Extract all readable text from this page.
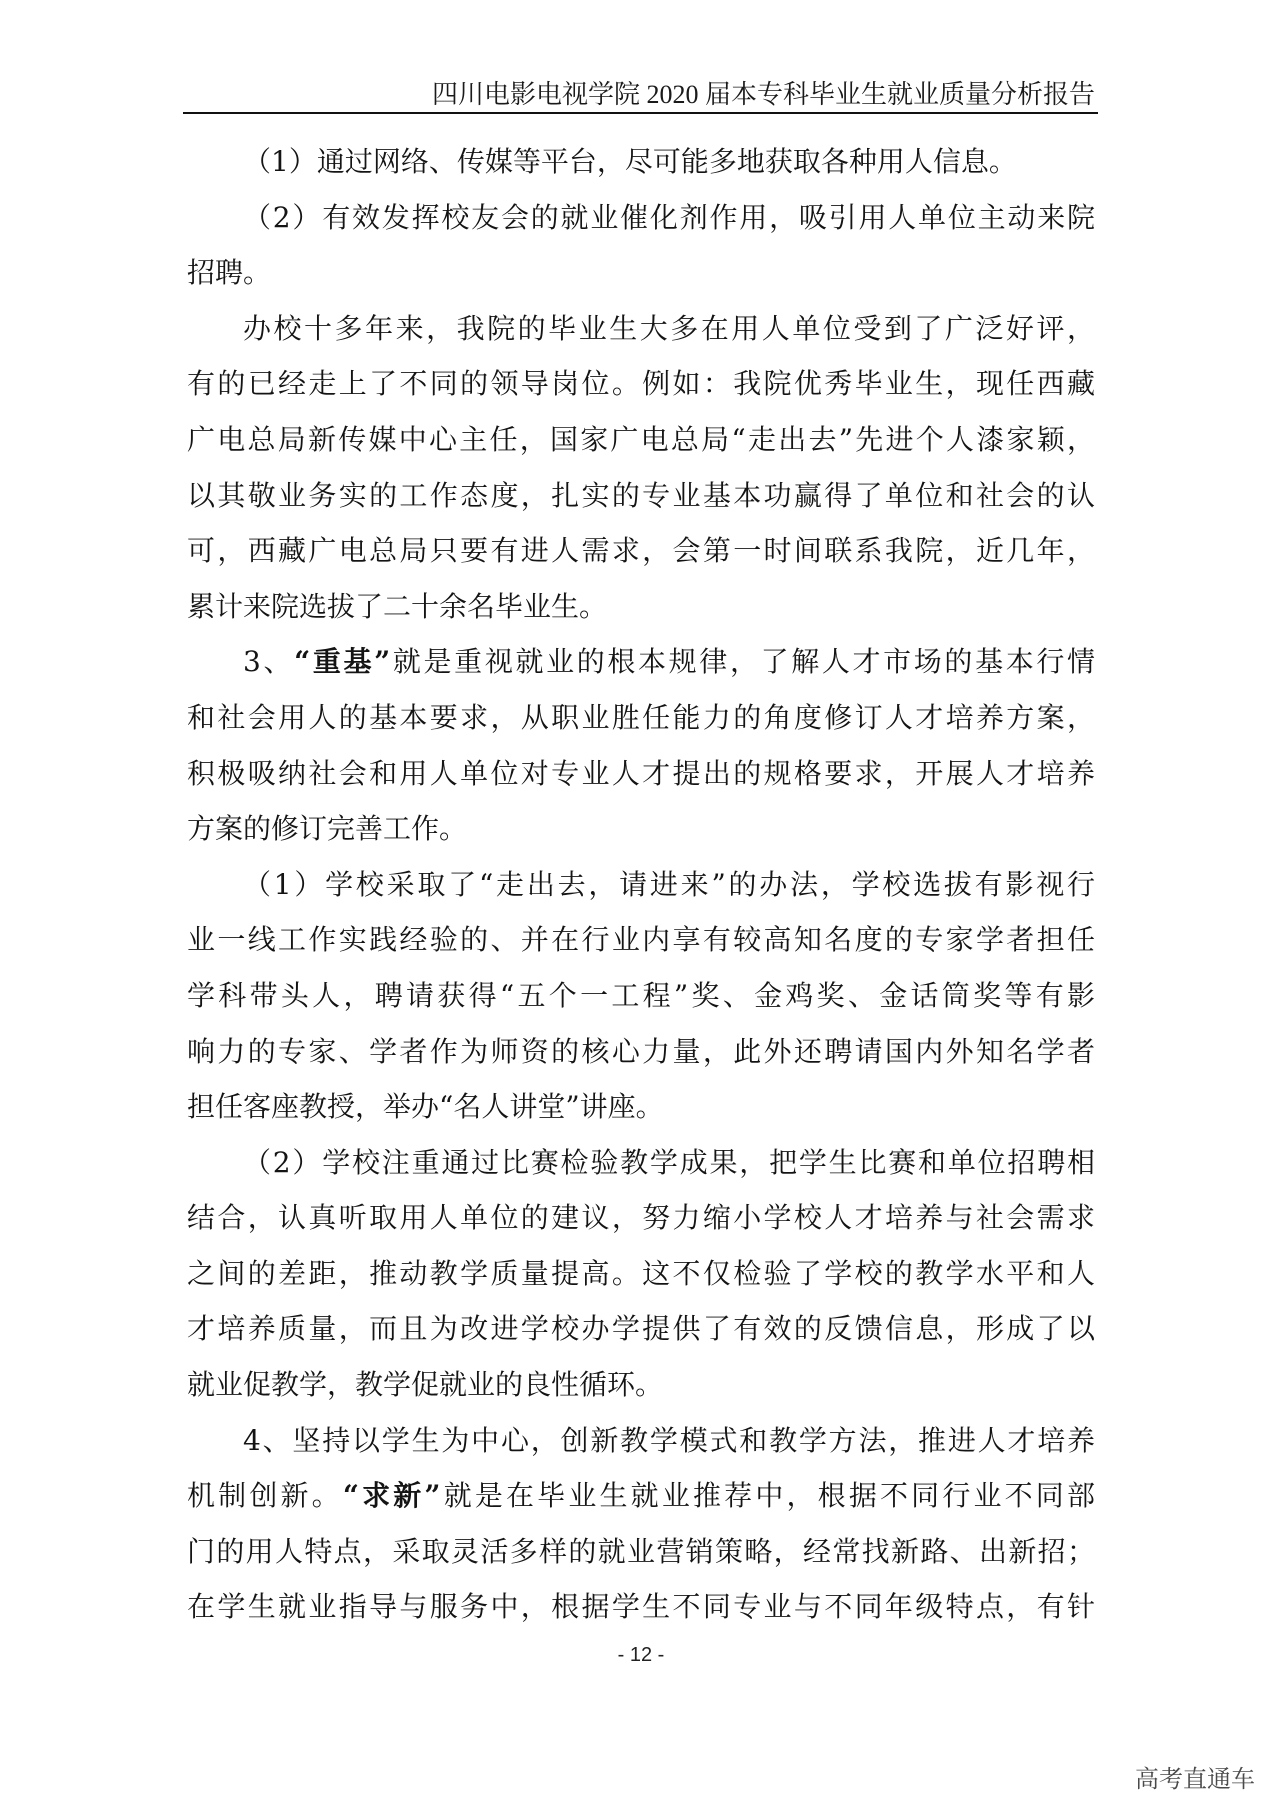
四川电影电视学院 2020 届本专科毕业生就业质量分析报告
（1）通过网络、传媒等平台，尽可能多地获取各种用人信息。
（2）有效发挥校友会的就业催化剂作用，吸引用人单位主动来院
招聘。
办校十多年来，我院的毕业生大多在用人单位受到了广泛好评，
有的已经走上了不同的领导岗位。例如：我院优秀毕业生，现任西藏
广电总局新传媒中心主任，国家广电总局“走出去”先进个人漆家颖，
以其敬业务实的工作态度，扎实的专业基本功赢得了单位和社会的认
可，西藏广电总局只要有进人需求，会第一时间联系我院，近几年，
累计来院选拔了二十余名毕业生。
3、“重基”就是重视就业的根本规律，了解人才市场的基本行情
和社会用人的基本要求，从职业胜任能力的角度修订人才培养方案，
积极吸纳社会和用人单位对专业人才提出的规格要求，开展人才培养
方案的修订完善工作。
（1）学校采取了“走出去，请进来”的办法，学校选拔有影视行
业一线工作实践经验的、并在行业内享有较高知名度的专家学者担任
学科带头人，聘请获得“五个一工程”奖、金鸡奖、金话筒奖等有影
响力的专家、学者作为师资的核心力量，此外还聘请国内外知名学者
担任客座教授，举办“名人讲堂”讲座。
（2）学校注重通过比赛检验教学成果，把学生比赛和单位招聘相
结合，认真听取用人单位的建议，努力缩小学校人才培养与社会需求
之间的差距，推动教学质量提高。这不仅检验了学校的教学水平和人
才培养质量，而且为改进学校办学提供了有效的反馈信息，形成了以
就业促教学，教学促就业的良性循环。
4、坚持以学生为中心，创新教学模式和教学方法，推进人才培养
机制创新。“求新”就是在毕业生就业推荐中，根据不同行业不同部
门的用人特点，采取灵活多样的就业营销策略，经常找新路、出新招；
在学生就业指导与服务中，根据学生不同专业与不同年级特点，有针
- 12 -
高考直通车
